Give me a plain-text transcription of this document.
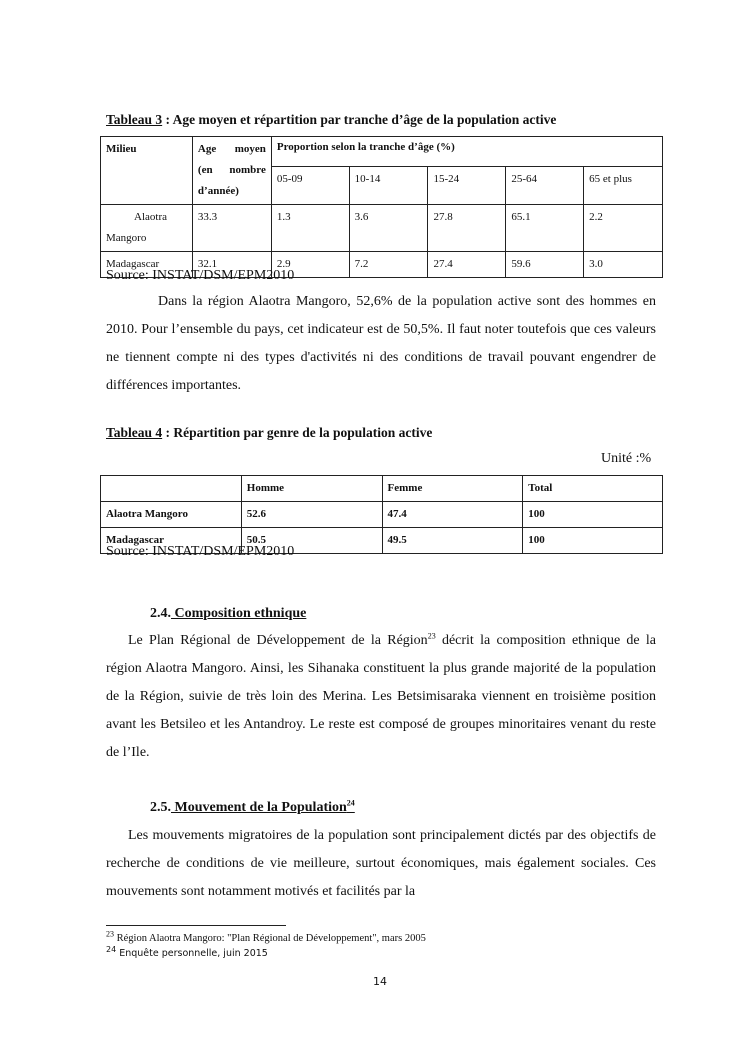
Tableau 3 : Age moyen et répartition par tranche d’âge de la population active
Milieu	Age moyen
(en nombre
d’année)	Proportion selon la tranche d’âge (%)				
		05-09	10-14	15-24	25-64	65 et plus

Alaotra
Mangoro	33.3	1.3	3.6	27.8	65.1	2.2
Madagascar	32.1	2.9	7.2	27.4	59.6	3.0
Source: INSTAT/DSM/EPM2010
Dans la région Alaotra Mangoro, 52,6% de la population active sont des hommes en 2010. Pour l’ensemble du pays, cet indicateur est de 50,5%. Il faut noter toutefois que ces valeurs ne tiennent compte ni des types d'activités ni des conditions de travail pouvant engendrer de différences importantes.
Tableau 4 : Répartition par genre de la population active
Unité :%
	Homme	Femme	Total
Alaotra Mangoro	52.6	47.4	100
Madagascar	50.5	49.5	100
Source: INSTAT/DSM/EPM2010
2.4. Composition ethnique
Le Plan Régional de Développement de la Région$^{23}$ décrit la composition ethnique de la région Alaotra Mangoro. Ainsi, les Sihanaka constituent la plus grande majorité de la population de la Région, suivie de très loin des Merina. Les Betsimisaraka viennent en troisième position avant les Betsileo et les Antandroy. Le reste est composé de groupes minoritaires venant du reste de l’Ile.
2.5. Mouvement de la Population$^{24}$
Les mouvements migratoires de la population sont principalement dictés par des objectifs de recherche de conditions de vie meilleure, surtout économiques, mais également sociales. Ces mouvements sont notamment motivés et facilités par la
$^{23}$ Région Alaotra Mangoro: "Plan Régional de Développement", mars 2005
$^{24}$ Enquête personnelle, juin 2015
14
